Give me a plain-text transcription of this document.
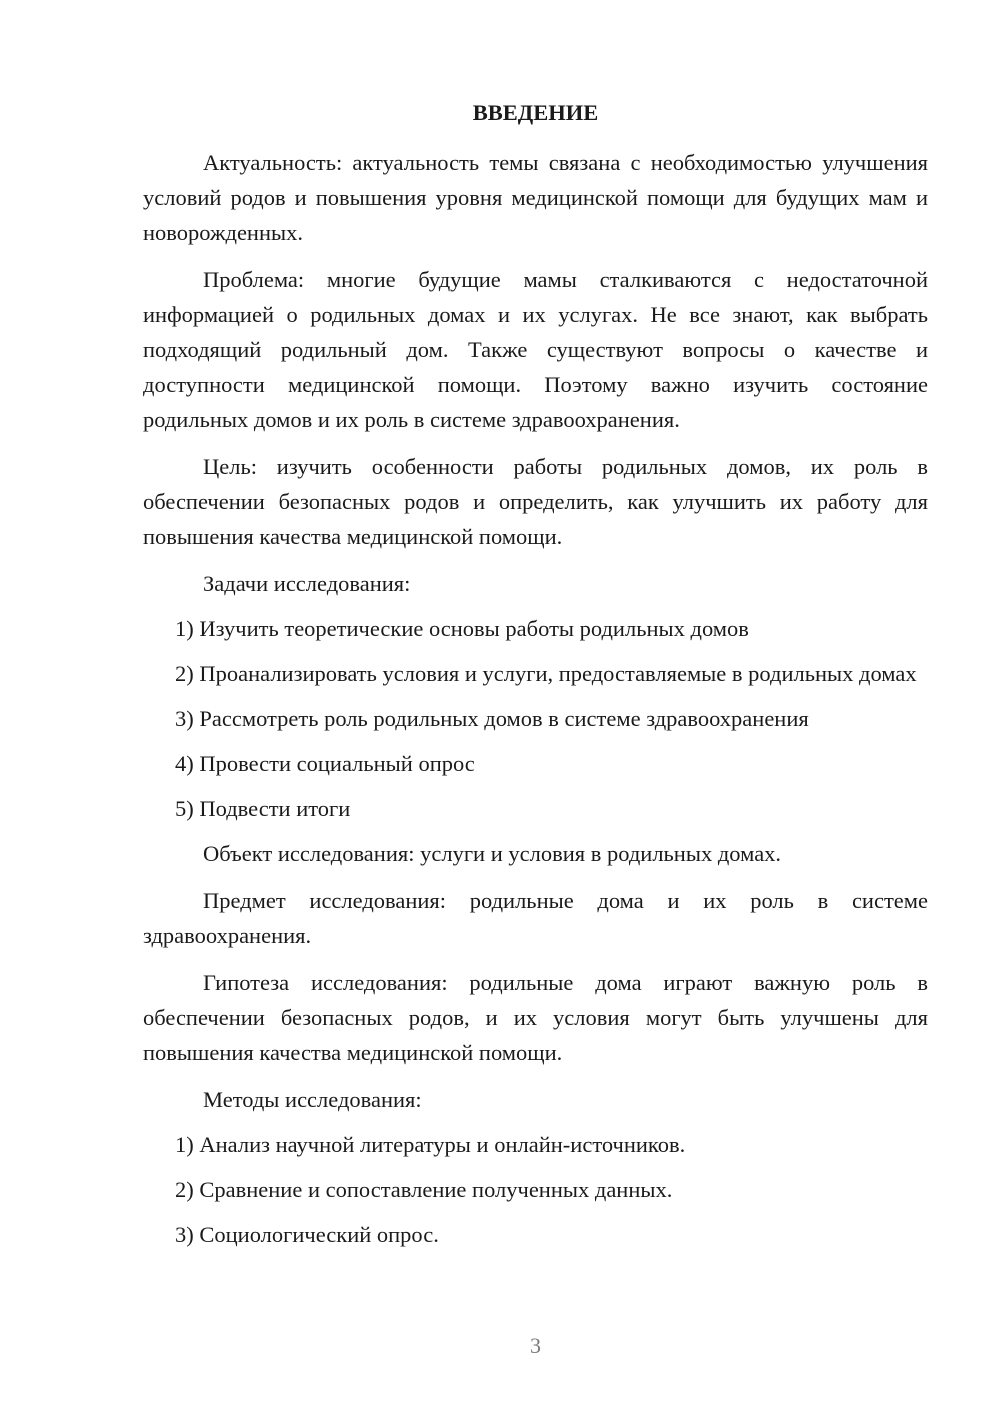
ВВЕДЕНИЕ

Актуальность: актуальность темы связана с необходимостью улучшения условий родов и повышения уровня медицинской помощи для будущих мам и новорожденных.

Проблема: многие будущие мамы сталкиваются с недостаточной информацией о родильных домах и их услугах. Не все знают, как выбрать подходящий родильный дом. Также существуют вопросы о качестве и доступности медицинской помощи. Поэтому важно изучить состояние родильных домов и их роль в системе здравоохранения.

Цель: изучить особенности работы родильных домов, их роль в обеспечении безопасных родов и определить, как улучшить их работу для повышения качества медицинской помощи.

Задачи исследования:

1) Изучить теоретические основы работы родильных домов

2) Проанализировать условия и услуги, предоставляемые в родильных домах

3) Рассмотреть роль родильных домов в системе здравоохранения

4) Провести социальный опрос

5) Подвести итоги

Объект исследования: услуги и условия в родильных домах.

Предмет исследования: родильные дома и их роль в системе здравоохранения.

Гипотеза исследования: родильные дома играют важную роль в обеспечении безопасных родов, и их условия могут быть улучшены для повышения качества медицинской помощи.

Методы исследования:

1) Анализ научной литературы и онлайн-источников.

2) Сравнение и сопоставление полученных данных.

3) Социологический опрос.

3
